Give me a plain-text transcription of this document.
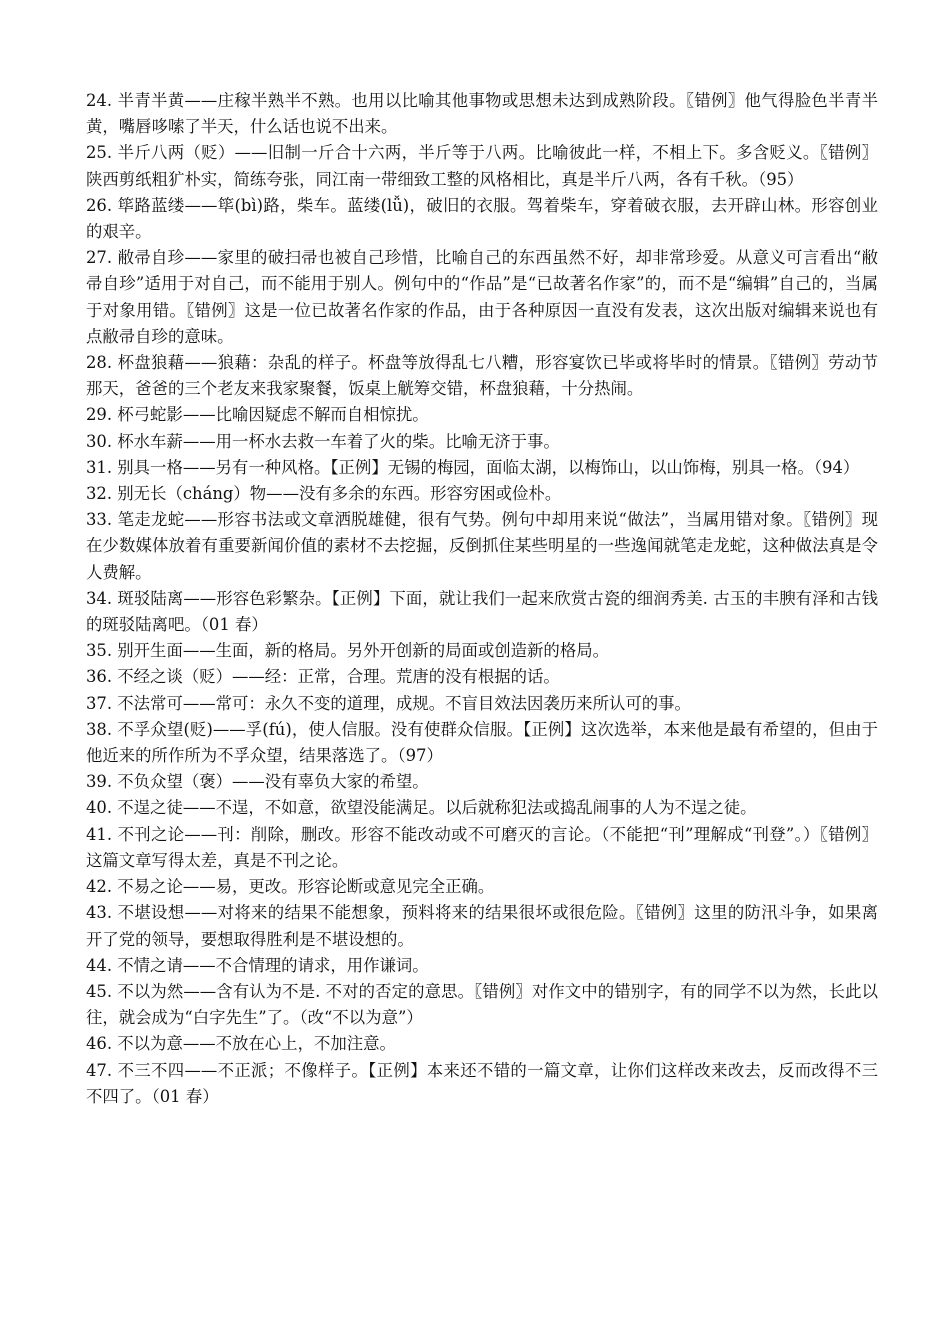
24. 半青半黄——庄稼半熟半不熟。也用以比喻其他事物或思想未达到成熟阶段。〖错例〗他气得脸色半青半黄，嘴唇哆嗦了半天，什么话也说不出来。

25. 半斤八两（贬）——旧制一斤合十六两，半斤等于八两。比喻彼此一样，不相上下。多含贬义。〖错例〗陕西剪纸粗犷朴实，简练夸张，同江南一带细致工整的风格相比，真是半斤八两，各有千秋。（95）

26. 筚路蓝缕——筚(bì)路，柴车。蓝缕(lǚ)，破旧的衣服。驾着柴车，穿着破衣服，去开辟山林。形容创业的艰辛。

27. 敝帚自珍——家里的破扫帚也被自己珍惜，比喻自己的东西虽然不好，却非常珍爱。从意义可言看出“敝帚自珍”适用于对自己，而不能用于别人。例句中的“作品”是“已故著名作家”的，而不是“编辑”自己的，当属于对象用错。〖错例〗这是一位已故著名作家的作品，由于各种原因一直没有发表，这次出版对编辑来说也有点敝帚自珍的意味。

28. 杯盘狼藉——狼藉：杂乱的样子。杯盘等放得乱七八糟，形容宴饮已毕或将毕时的情景。〖错例〗劳动节那天，爸爸的三个老友来我家聚餐，饭桌上觥筹交错，杯盘狼藉，十分热闹。

29. 杯弓蛇影——比喻因疑虑不解而自相惊扰。

30. 杯水车薪——用一杯水去救一车着了火的柴。比喻无济于事。

31. 别具一格——另有一种风格。【正例】无锡的梅园，面临太湖，以梅饰山，以山饰梅，别具一格。（94）

32. 别无长（cháng）物——没有多余的东西。形容穷困或俭朴。

33. 笔走龙蛇——形容书法或文章洒脱雄健，很有气势。例句中却用来说“做法”，当属用错对象。〖错例〗现在少数媒体放着有重要新闻价值的素材不去挖掘，反倒抓住某些明星的一些逸闻就笔走龙蛇，这种做法真是令人费解。

34. 斑驳陆离——形容色彩繁杂。【正例】下面，就让我们一起来欣赏古瓷的细润秀美. 古玉的丰腴有泽和古钱的斑驳陆离吧。（01 春）

35. 别开生面——生面，新的格局。另外开创新的局面或创造新的格局。

36. 不经之谈（贬）——经：正常，合理。荒唐的没有根据的话。

37. 不法常可——常可：永久不变的道理，成规。不盲目效法因袭历来所认可的事。

38. 不孚众望(贬)——孚(fú)，使人信服。没有使群众信服。【正例】这次选举，本来他是最有希望的，但由于他近来的所作所为不孚众望，结果落选了。（97）

39. 不负众望（褒）——没有辜负大家的希望。

40. 不逞之徒——不逞，不如意，欲望没能满足。以后就称犯法或捣乱闹事的人为不逞之徒。

41. 不刊之论——刊：削除，删改。形容不能改动或不可磨灭的言论。（不能把“刊”理解成“刊登”。）〖错例〗这篇文章写得太差，真是不刊之论。

42. 不易之论——易，更改。形容论断或意见完全正确。

43. 不堪设想——对将来的结果不能想象，预料将来的结果很坏或很危险。〖错例〗这里的防汛斗争，如果离开了党的领导，要想取得胜利是不堪设想的。

44. 不情之请——不合情理的请求，用作谦词。

45. 不以为然——含有认为不是. 不对的否定的意思。〖错例〗对作文中的错别字，有的同学不以为然，长此以往，就会成为“白字先生”了。（改“不以为意”）

46. 不以为意——不放在心上，不加注意。

47. 不三不四——不正派；不像样子。【正例】本来还不错的一篇文章，让你们这样改来改去，反而改得不三不四了。（01 春）
